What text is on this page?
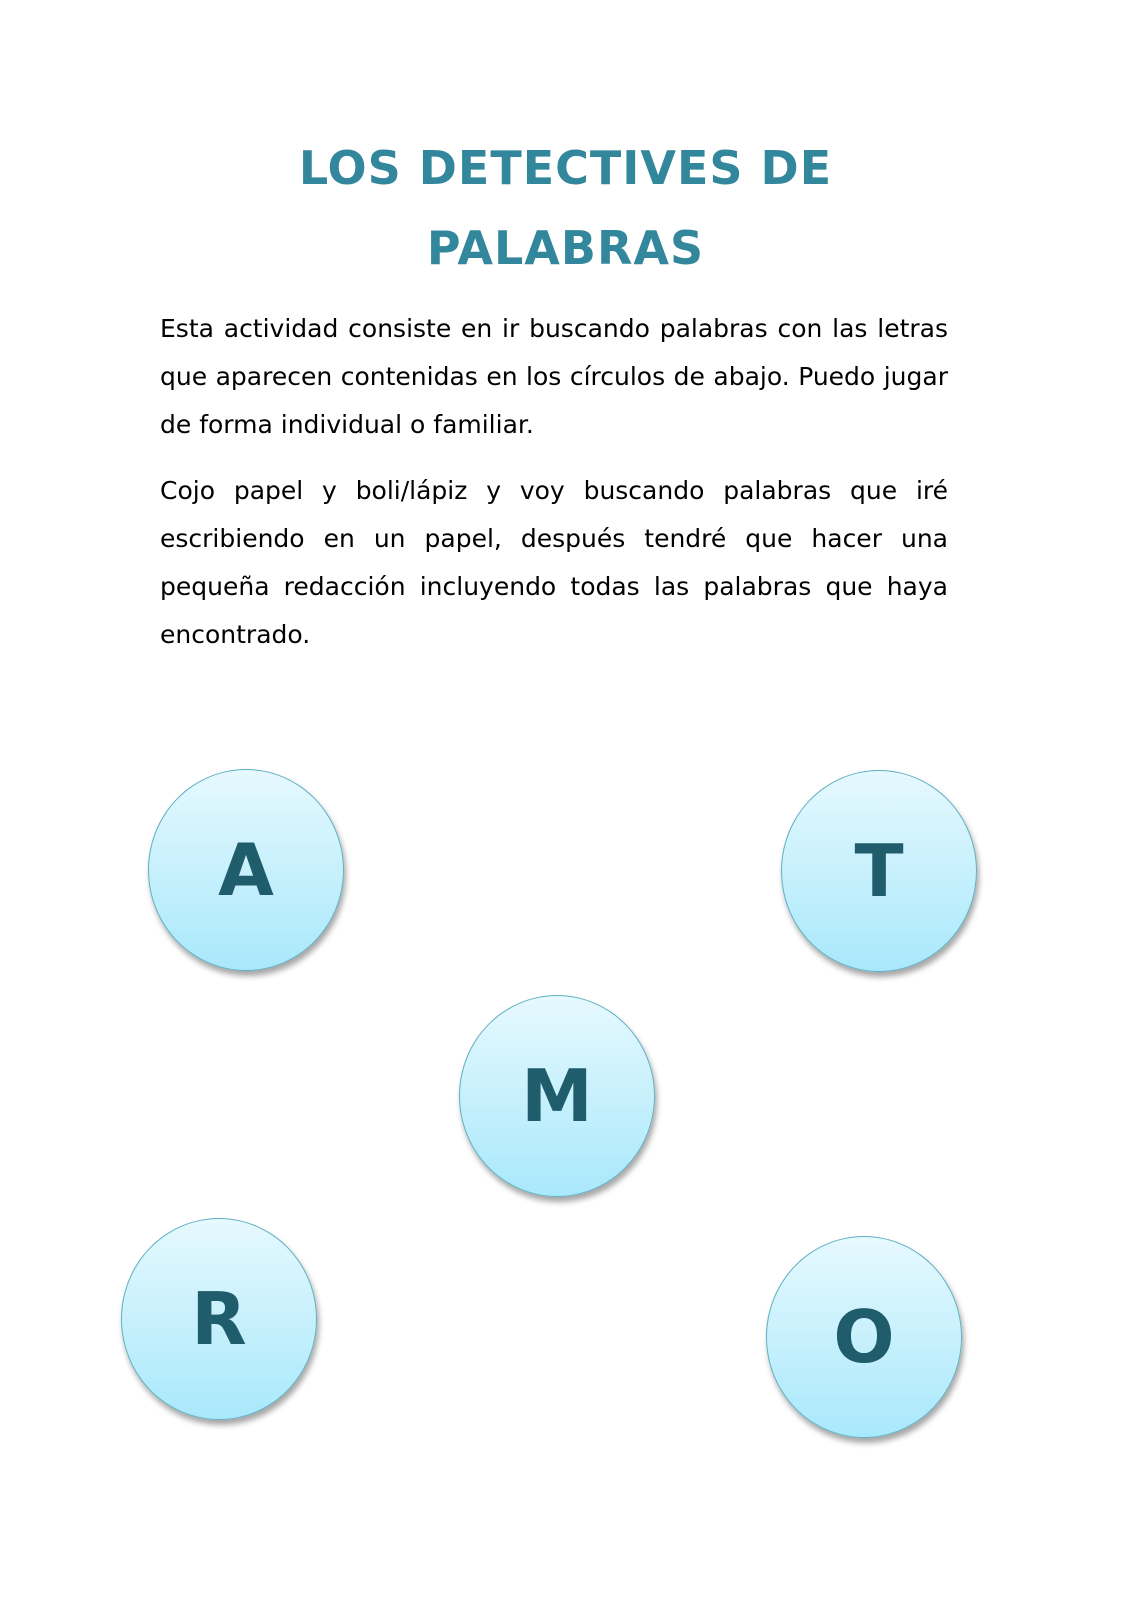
LOS DETECTIVES DE
PALABRAS

Esta actividad consiste en ir buscando palabras con las letras que aparecen contenidas en los círculos de abajo. Puedo jugar de forma individual o familiar.

Cojo papel y boli/lápiz y voy buscando palabras que iré escribiendo en un papel, después tendré que hacer una pequeña redacción incluyendo todas las palabras que haya encontrado.

A	T
M
R	O
